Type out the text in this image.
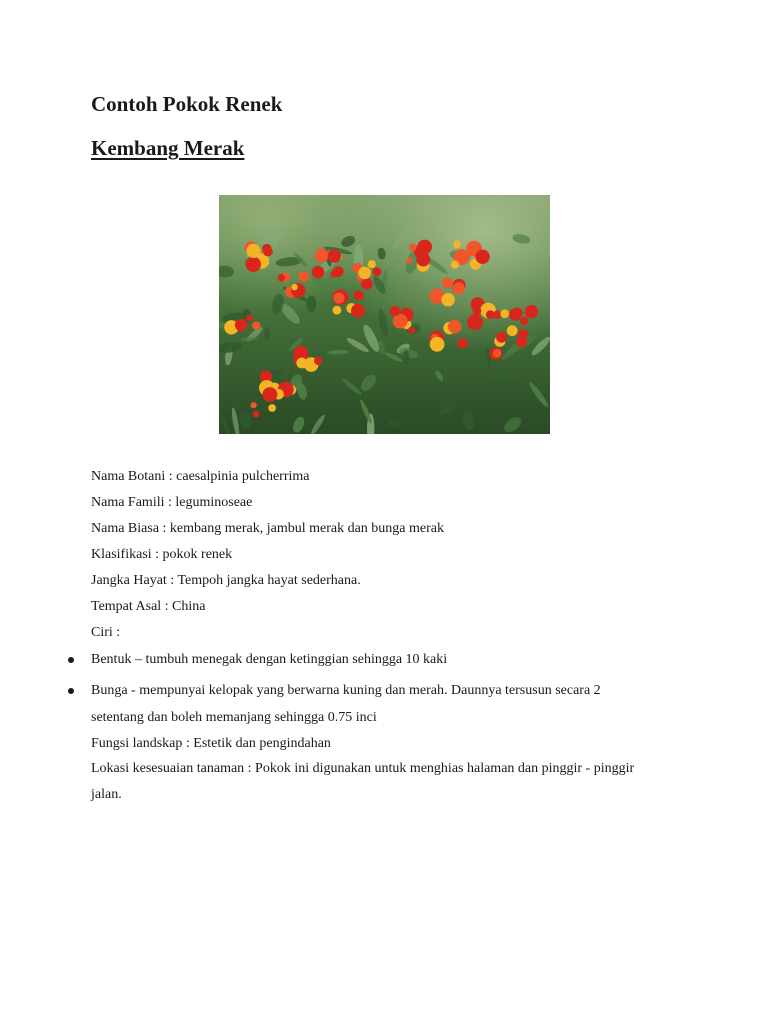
Contoh Pokok Renek
Kembang Merak

Nama Botani : caesalpinia pulcherrima

Nama Famili : leguminoseae

Nama Biasa : kembang merak, jambul merak dan bunga merak

Klasifikasi : pokok renek

Jangka Hayat : Tempoh jangka hayat sederhana.

Tempat Asal : China

Ciri :

Bentuk – tumbuh menegak dengan ketinggian sehingga 10 kaki

Bunga - mempunyai kelopak yang berwarna kuning dan merah. Daunnya tersusun secara 2

setentang dan boleh memanjang sehingga 0.75 inci

Fungsi landskap : Estetik dan pengindahan

Lokasi kesesuaian tanaman : Pokok ini digunakan untuk menghias halaman dan pinggir - pinggir

jalan.
